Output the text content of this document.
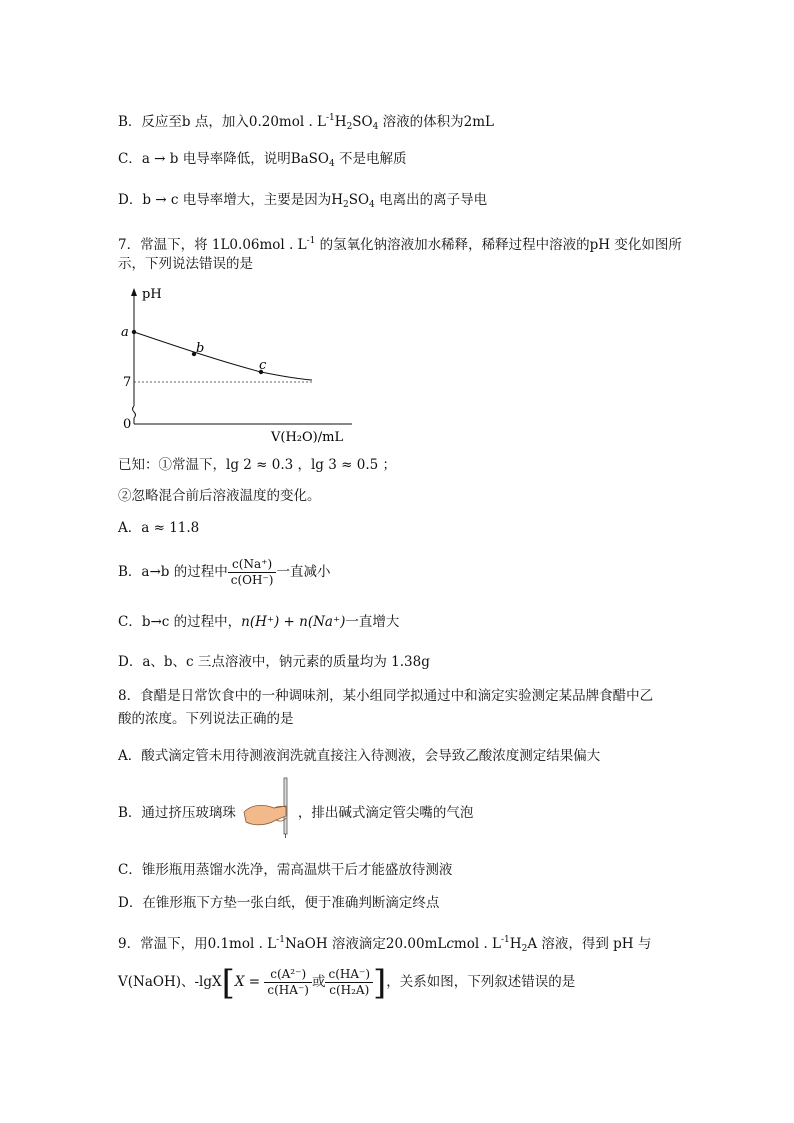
B．反应至b 点，加入0.20mol . $L^{-1}H_2SO_4$ 溶液的体积为2mL
C．a → b 电导率降低，说明BaSO$_4$ 不是电解质
D．b → c 电导率增大，主要是因为$H_2SO_4$ 电离出的离子导电
7．常温下，将 1L0.06mol . $L^{-1}$ 的氢氧化钠溶液加水稀释，稀释过程中溶液的pH 变化如图所
示，下列说法错误的是
pH
a
b
c
7
0
V(H₂O)/mL
已知：①常温下，lg 2 ≈ 0.3 ，lg 3 ≈ 0.5 ；
②忽略混合前后溶液温度的变化。
A．a ≈ 11.8
B．a→b 的过程中 $\frac{c(Na^+)}{c(OH^-)}$ 一直减小
C．b→c 的过程中，n(H⁺) + n(Na⁺)一直增大
D．a、b、c 三点溶液中，钠元素的质量均为 1.38g
8．食醋是日常饮食中的一种调味剂，某小组同学拟通过中和滴定实验测定某品牌食醋中乙
酸的浓度。下列说法正确的是
A．酸式滴定管未用待测液润洗就直接注入待测液，会导致乙酸浓度测定结果偏大
B．通过挤压玻璃珠	，排出碱式滴定管尖嘴的气泡
C．锥形瓶用蒸馏水洗净，需高温烘干后才能盛放待测液
D．在锥形瓶下方垫一张白纸，便于准确判断滴定终点
9．常温下，用0.1mol . $L^{-1}NaOH$ 溶液滴定20.00mLcmol . $L^{-1}H_2A$ 溶液，得到 pH 与
V(NaOH)、$-\lg X[X = \frac{\text{c(A²⁻)}}{c(HA^-)}$ 或 $\frac{c(HA^-)}{\text{c(H₂A)}}$ ]，关系如图，下列叙述错误的是
